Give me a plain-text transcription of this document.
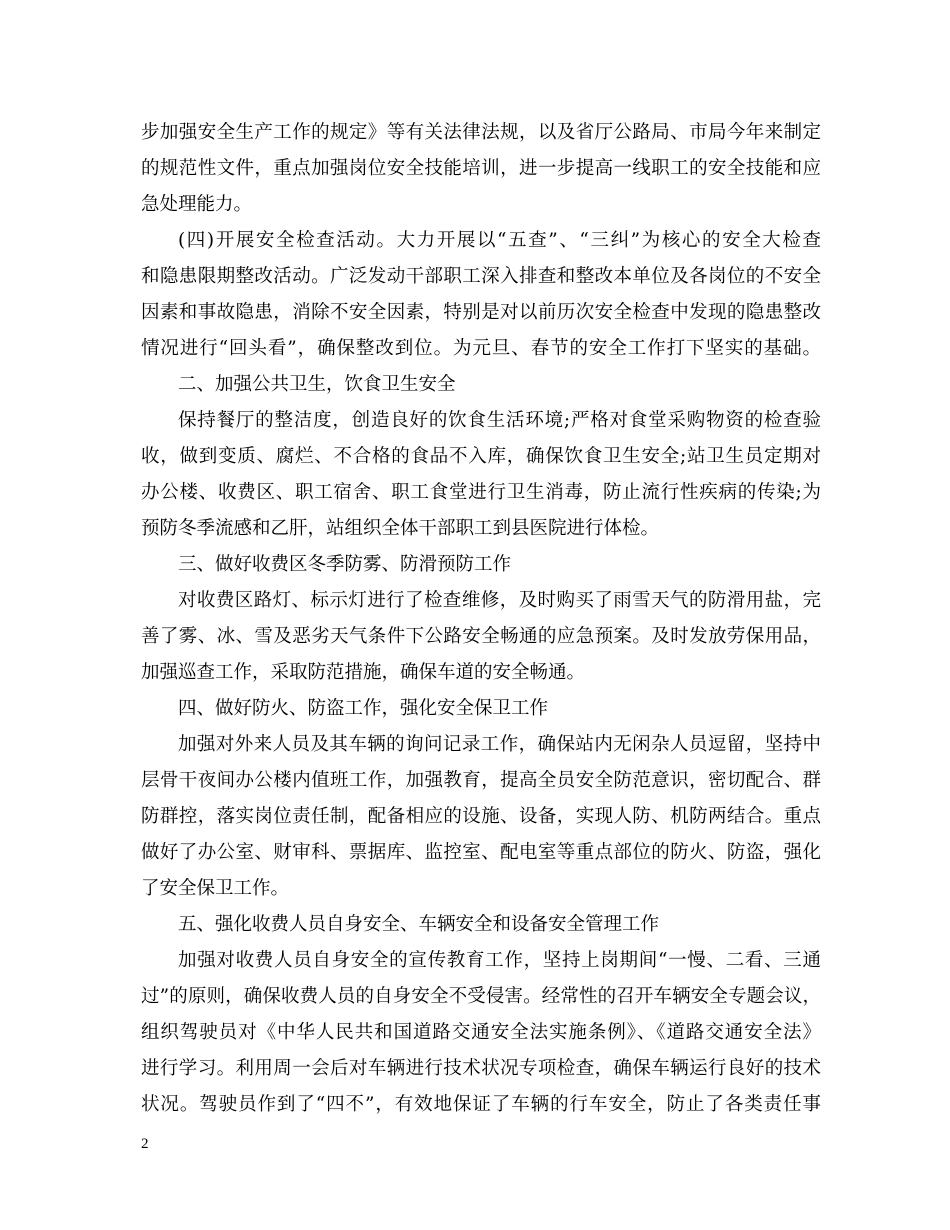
步加强安全生产工作的规定》等有关法律法规，以及省厅公路局、市局今年来制定
的规范性文件，重点加强岗位安全技能培训，进一步提高一线职工的安全技能和应
急处理能力。
(四)开展安全检查活动。大力开展以“五查”、“三纠”为核心的安全大检查
和隐患限期整改活动。广泛发动干部职工深入排查和整改本单位及各岗位的不安全
因素和事故隐患，消除不安全因素，特别是对以前历次安全检查中发现的隐患整改
情况进行“回头看”，确保整改到位。为元旦、春节的安全工作打下坚实的基础。
二、加强公共卫生，饮食卫生安全
保持餐厅的整洁度，创造良好的饮食生活环境;严格对食堂采购物资的检查验
收，做到变质、腐烂、不合格的食品不入库，确保饮食卫生安全;站卫生员定期对
办公楼、收费区、职工宿舍、职工食堂进行卫生消毒，防止流行性疾病的传染;为
预防冬季流感和乙肝，站组织全体干部职工到县医院进行体检。
三、做好收费区冬季防雾、防滑预防工作
对收费区路灯、标示灯进行了检查维修，及时购买了雨雪天气的防滑用盐，完
善了雾、冰、雪及恶劣天气条件下公路安全畅通的应急预案。及时发放劳保用品，
加强巡查工作，采取防范措施，确保车道的安全畅通。
四、做好防火、防盗工作，强化安全保卫工作
加强对外来人员及其车辆的询问记录工作，确保站内无闲杂人员逗留，坚持中
层骨干夜间办公楼内值班工作，加强教育，提高全员安全防范意识，密切配合、群
防群控，落实岗位责任制，配备相应的设施、设备，实现人防、机防两结合。重点
做好了办公室、财审科、票据库、监控室、配电室等重点部位的防火、防盗，强化
了安全保卫工作。
五、强化收费人员自身安全、车辆安全和设备安全管理工作
加强对收费人员自身安全的宣传教育工作，坚持上岗期间“一慢、二看、三通
过”的原则，确保收费人员的自身安全不受侵害。经常性的召开车辆安全专题会议，
组织驾驶员对《中华人民共和国道路交通安全法实施条例》、《道路交通安全法》
进行学习。利用周一会后对车辆进行技术状况专项检查，确保车辆运行良好的技术
状况。驾驶员作到了“四不”，有效地保证了车辆的行车安全，防止了各类责任事
2
